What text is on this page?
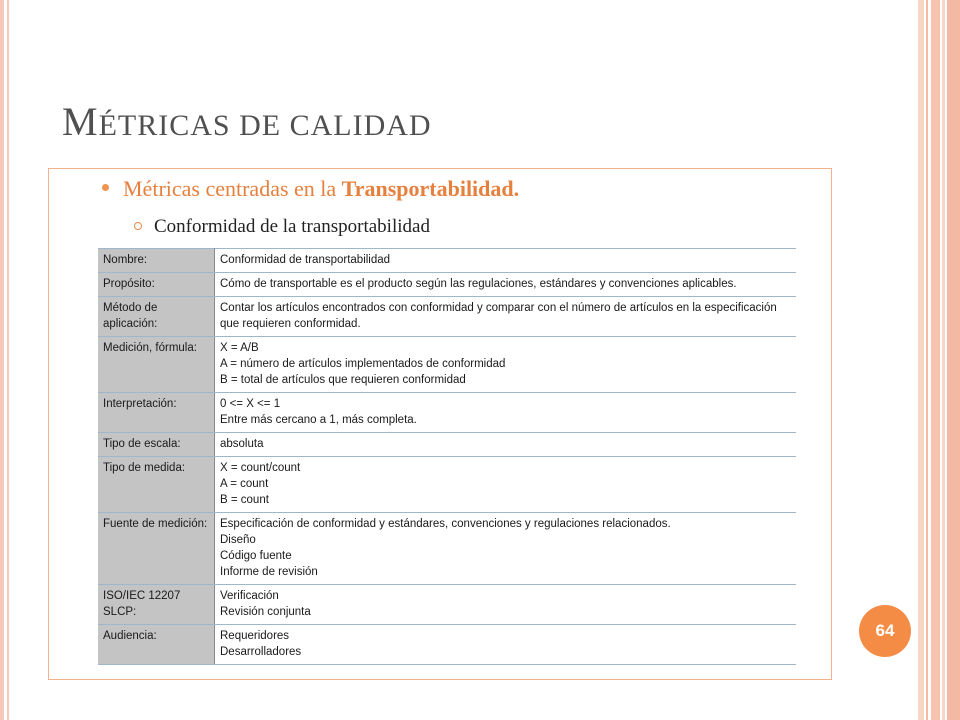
MÉTRICAS DE CALIDAD
Métricas centradas en la Transportabilidad.
Conformidad de la transportabilidad
Nombre:	Conformidad de transportabilidad

Propósito:	Cómo de transportable es el producto según las regulaciones, estándares y convenciones aplicables.

Método de aplicación:	Contar los artículos encontrados con conformidad y comparar con el número de artículos en la especificación que requieren conformidad.

Medición, fórmula:	X = A/B
A = número de artículos implementados de conformidad
B = total de artículos que requieren conformidad

Interpretación:	0 <= X <= 1
Entre más cercano a 1, más completa.

Tipo de escala:	absoluta

Tipo de medida:	X = count/count
A = count
B = count

Fuente de medición:	Especificación de conformidad y estándares, convenciones y regulaciones relacionados.
Diseño
Código fuente
Informe de revisión

ISO/IEC 12207 SLCP:	Verificación
Revisión conjunta

Audiencia:	Requeridores
Desarrolladores
64
